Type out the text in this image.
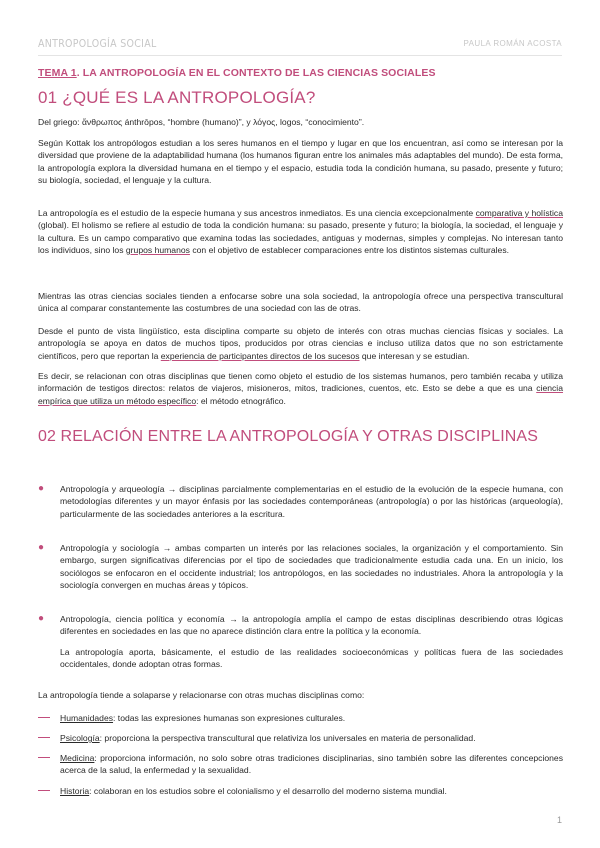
ANTROPOLOGÍA SOCIAL	PAULA ROMÁN ACOSTA
TEMA 1. LA ANTROPOLOGÍA EN EL CONTEXTO DE LAS CIENCIAS SOCIALES
01 ¿QUÉ ES LA ANTROPOLOGÍA?
Del griego: ἄνθρωπος ánthrōpos, “hombre (humano)”, y λόγος, logos, “conocimiento”.
Según Kottak los antropólogos estudian a los seres humanos en el tiempo y lugar en que los encuentran, así como se interesan por la diversidad que proviene de la adaptabilidad humana (los humanos figuran entre los animales más adaptables del mundo). De esta forma, la antropología explora la diversidad humana en el tiempo y el espacio, estudia toda la condición humana, su pasado, presente y futuro; su biología, sociedad, el lenguaje y la cultura.
La antropología es el estudio de la especie humana y sus ancestros inmediatos. Es una ciencia excepcionalmente comparativa y holística (global). El holismo se refiere al estudio de toda la condición humana: su pasado, presente y futuro; la biología, la sociedad, el lenguaje y la cultura. Es un campo comparativo que examina todas las sociedades, antiguas y modernas, simples y complejas. No interesan tanto los individuos, sino los grupos humanos con el objetivo de establecer comparaciones entre los distintos sistemas culturales.
Mientras las otras ciencias sociales tienden a enfocarse sobre una sola sociedad, la antropología ofrece una perspectiva transcultural única al comparar constantemente las costumbres de una sociedad con las de otras.
Desde el punto de vista lingüístico, esta disciplina comparte su objeto de interés con otras muchas ciencias físicas y sociales. La antropología se apoya en datos de muchos tipos, producidos por otras ciencias e incluso utiliza datos que no son estrictamente científicos, pero que reportan la experiencia de participantes directos de los sucesos que interesan y se estudian.
Es decir, se relacionan con otras disciplinas que tienen como objeto el estudio de los sistemas humanos, pero también recaba y utiliza información de testigos directos: relatos de viajeros, misioneros, mitos, tradiciones, cuentos, etc. Esto se debe a que es una ciencia empírica que utiliza un método específico: el método etnográfico.
02 RELACIÓN ENTRE LA ANTROPOLOGÍA Y OTRAS DISCIPLINAS
● Antropología y arqueología → disciplinas parcialmente complementarias en el estudio de la evolución de la especie humana, con metodologías diferentes y un mayor énfasis por las sociedades contemporáneas (antropología) o por las históricas (arqueología), particularmente de las sociedades anteriores a la escritura.
● Antropología y sociología → ambas comparten un interés por las relaciones sociales, la organización y el comportamiento. Sin embargo, surgen significativas diferencias por el tipo de sociedades que tradicionalmente estudia cada una. En un inicio, los sociólogos se enfocaron en el occidente industrial; los antropólogos, en las sociedades no industriales. Ahora la antropología y la sociología convergen en muchas áreas y tópicos.
● Antropología, ciencia política y economía → la antropología amplía el campo de estas disciplinas describiendo otras lógicas diferentes en sociedades en las que no aparece distinción clara entre la política y la economía.
La antropología aporta, básicamente, el estudio de las realidades socioeconómicas y políticas fuera de las sociedades occidentales, donde adoptan otras formas.
La antropología tiende a solaparse y relacionarse con otras muchas disciplinas como:
Humanidades: todas las expresiones humanas son expresiones culturales.
Psicología: proporciona la perspectiva transcultural que relativiza los universales en materia de personalidad.
Medicina: proporciona información, no solo sobre otras tradiciones disciplinarias, sino también sobre las diferentes concepciones acerca de la salud, la enfermedad y la sexualidad.
Historia: colaboran en los estudios sobre el colonialismo y el desarrollo del moderno sistema mundial.
1
